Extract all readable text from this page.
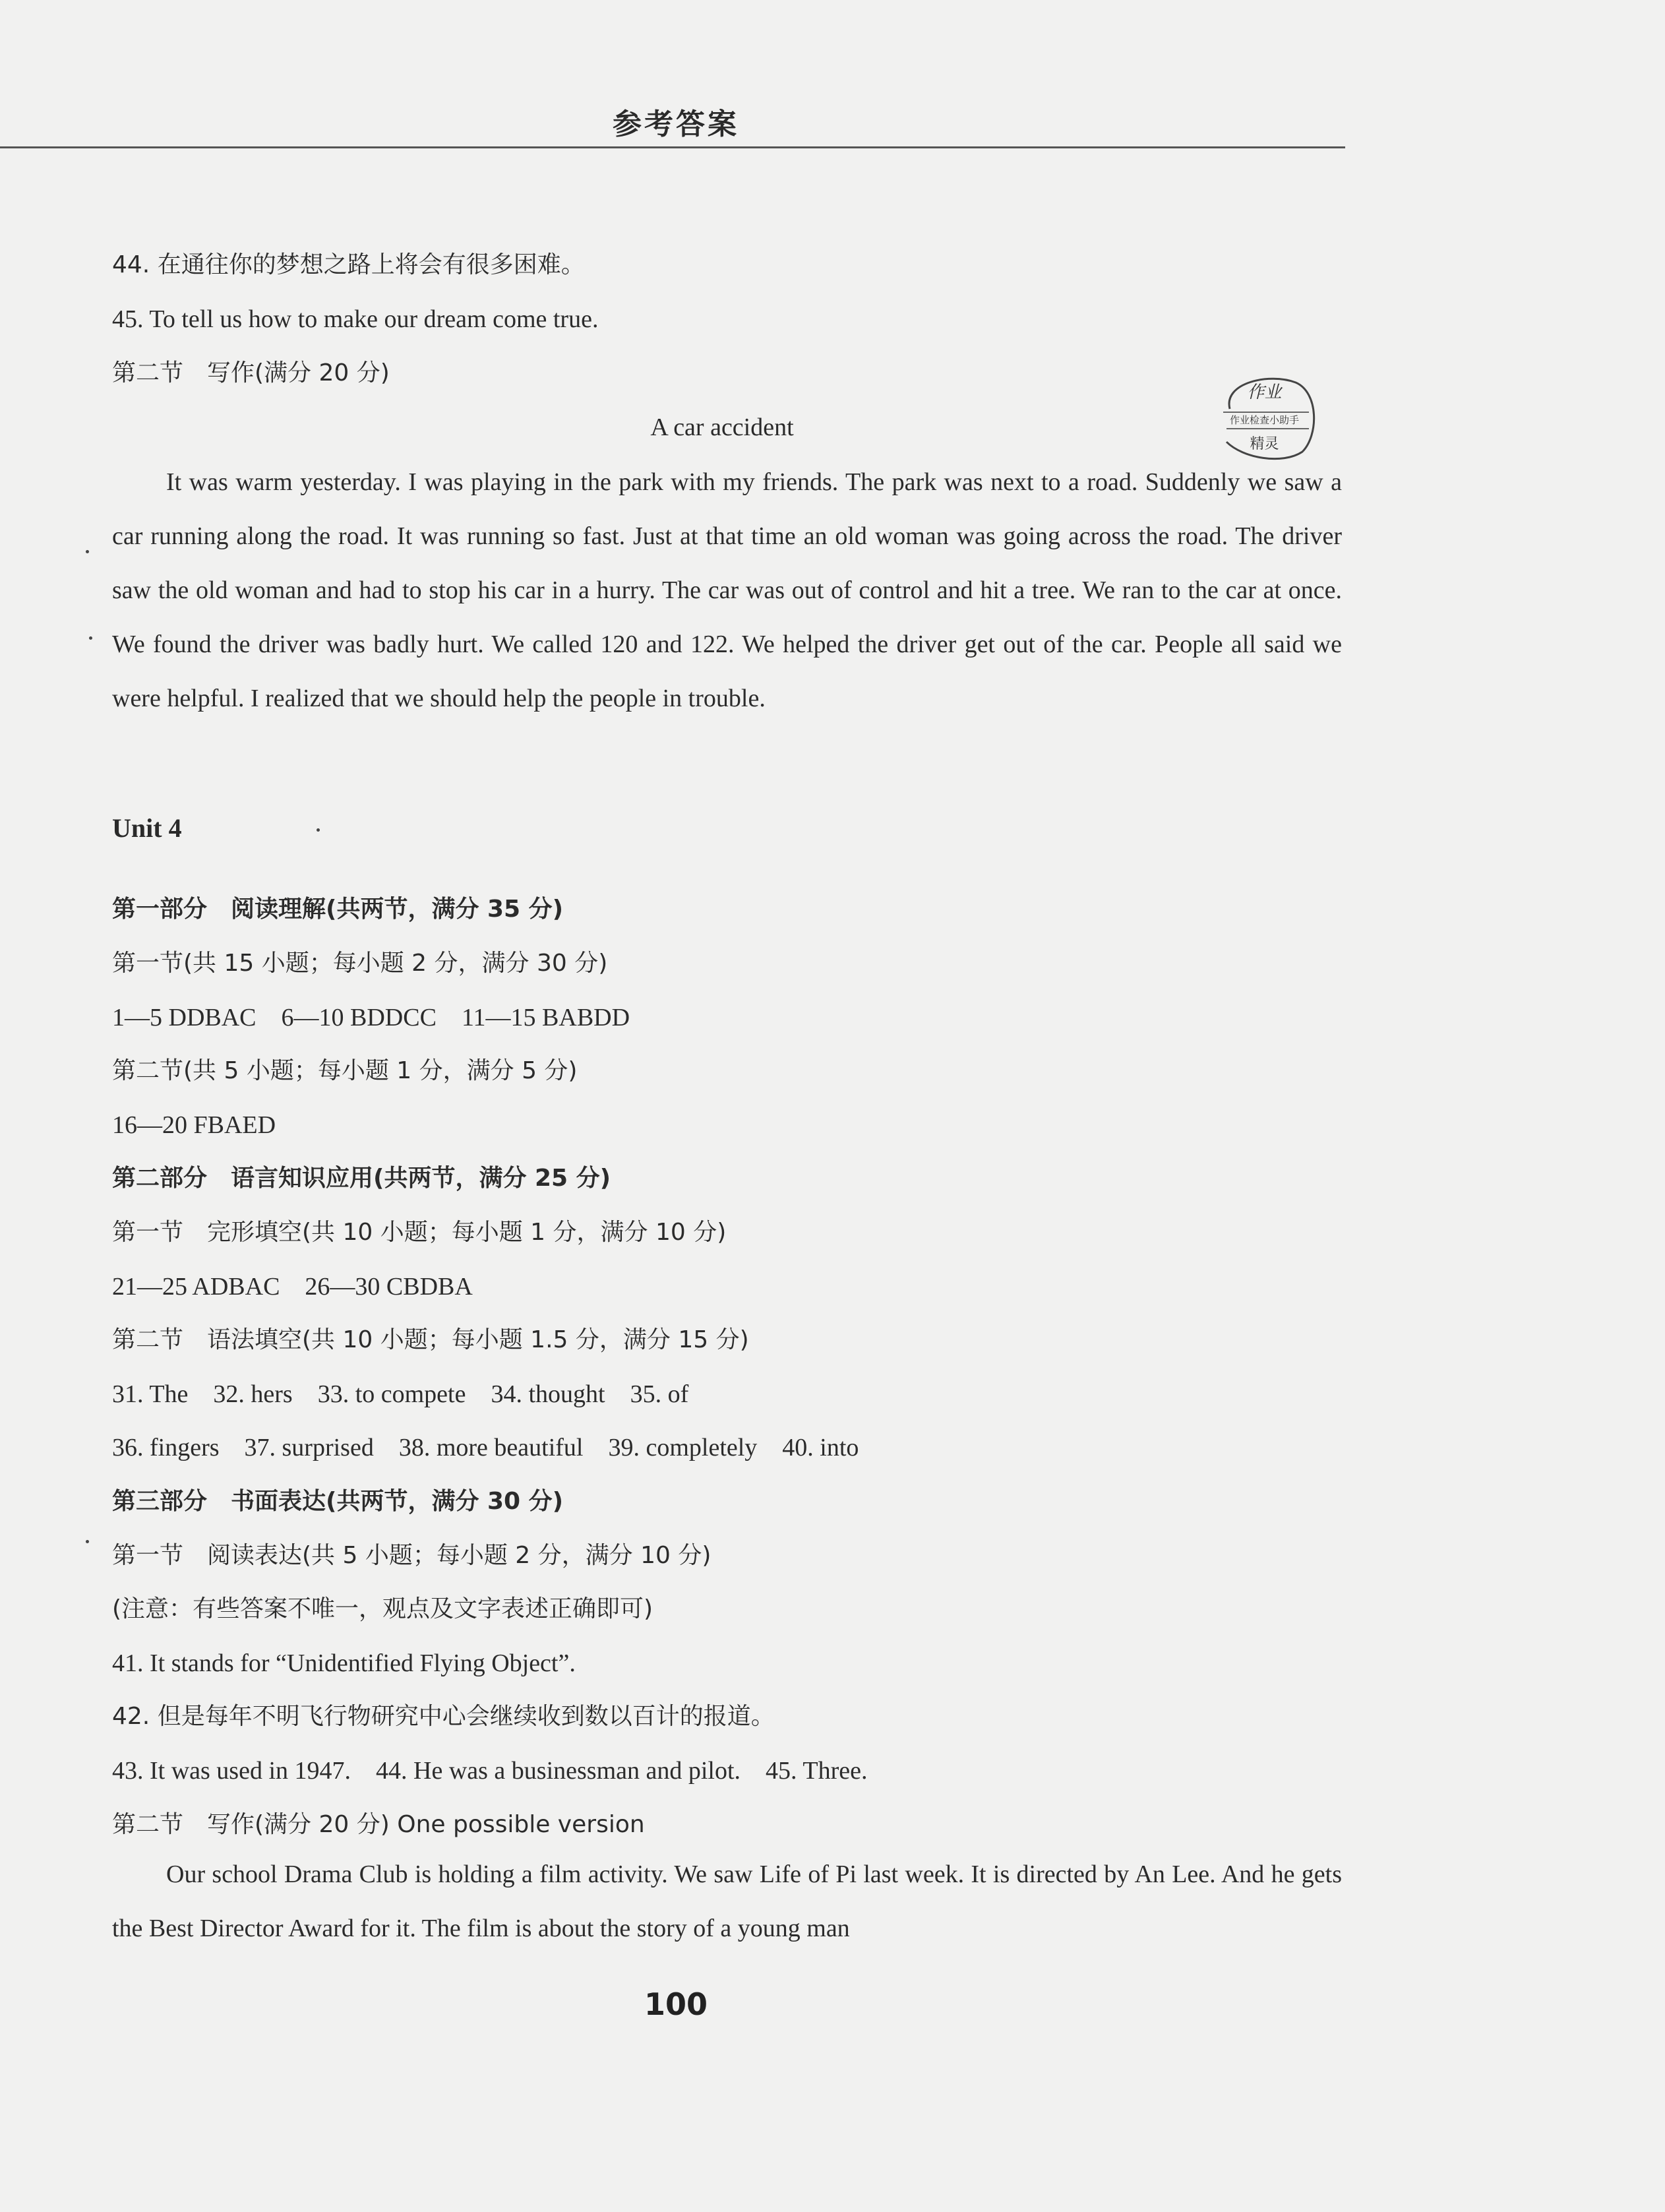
参考答案
44. 在通往你的梦想之路上将会有很多困难。
45. To tell us how to make our dream come true.
第二节　写作(满分 20 分)
作业
作业检查小助手
精灵
A car accident

It was warm yesterday. I was playing in the park with my friends. The park was next to a road. Suddenly we saw a car running along the road. It was running so fast. Just at that time an old woman was going across the road. The driver saw the old woman and had to stop his car in a hurry. The car was out of control and hit a tree. We ran to the car at once. We found the driver was badly hurt. We called 120 and 122. We helped the driver get out of the car. People all said we were helpful. I realized that we should help the people in trouble.

Unit 4
第一部分　阅读理解(共两节，满分 35 分)
第一节(共 15 小题；每小题 2 分，满分 30 分)
1—5 DDBAC　6—10 BDDCC　11—15 BABDD
第二节(共 5 小题；每小题 1 分，满分 5 分)
16—20 FBAED
第二部分　语言知识应用(共两节，满分 25 分)
第一节　完形填空(共 10 小题；每小题 1 分，满分 10 分)
21—25 ADBAC　26—30 CBDBA
第二节　语法填空(共 10 小题；每小题 1.5 分，满分 15 分)
31. The　32. hers　33. to compete　34. thought　35. of
36. fingers　37. surprised　38. more beautiful　39. completely　40. into
第三部分　书面表达(共两节，满分 30 分)
第一节　阅读表达(共 5 小题；每小题 2 分，满分 10 分)
(注意：有些答案不唯一，观点及文字表述正确即可)
41. It stands for “Unidentified Flying Object”.
42. 但是每年不明飞行物研究中心会继续收到数以百计的报道。
43. It was used in 1947.　44. He was a businessman and pilot.　45. Three.
第二节　写作(满分 20 分) One possible version

Our school Drama Club is holding a film activity. We saw Life of Pi last week. It is directed by An Lee. And he gets the Best Director Award for it. The film is about the story of a young man

100
